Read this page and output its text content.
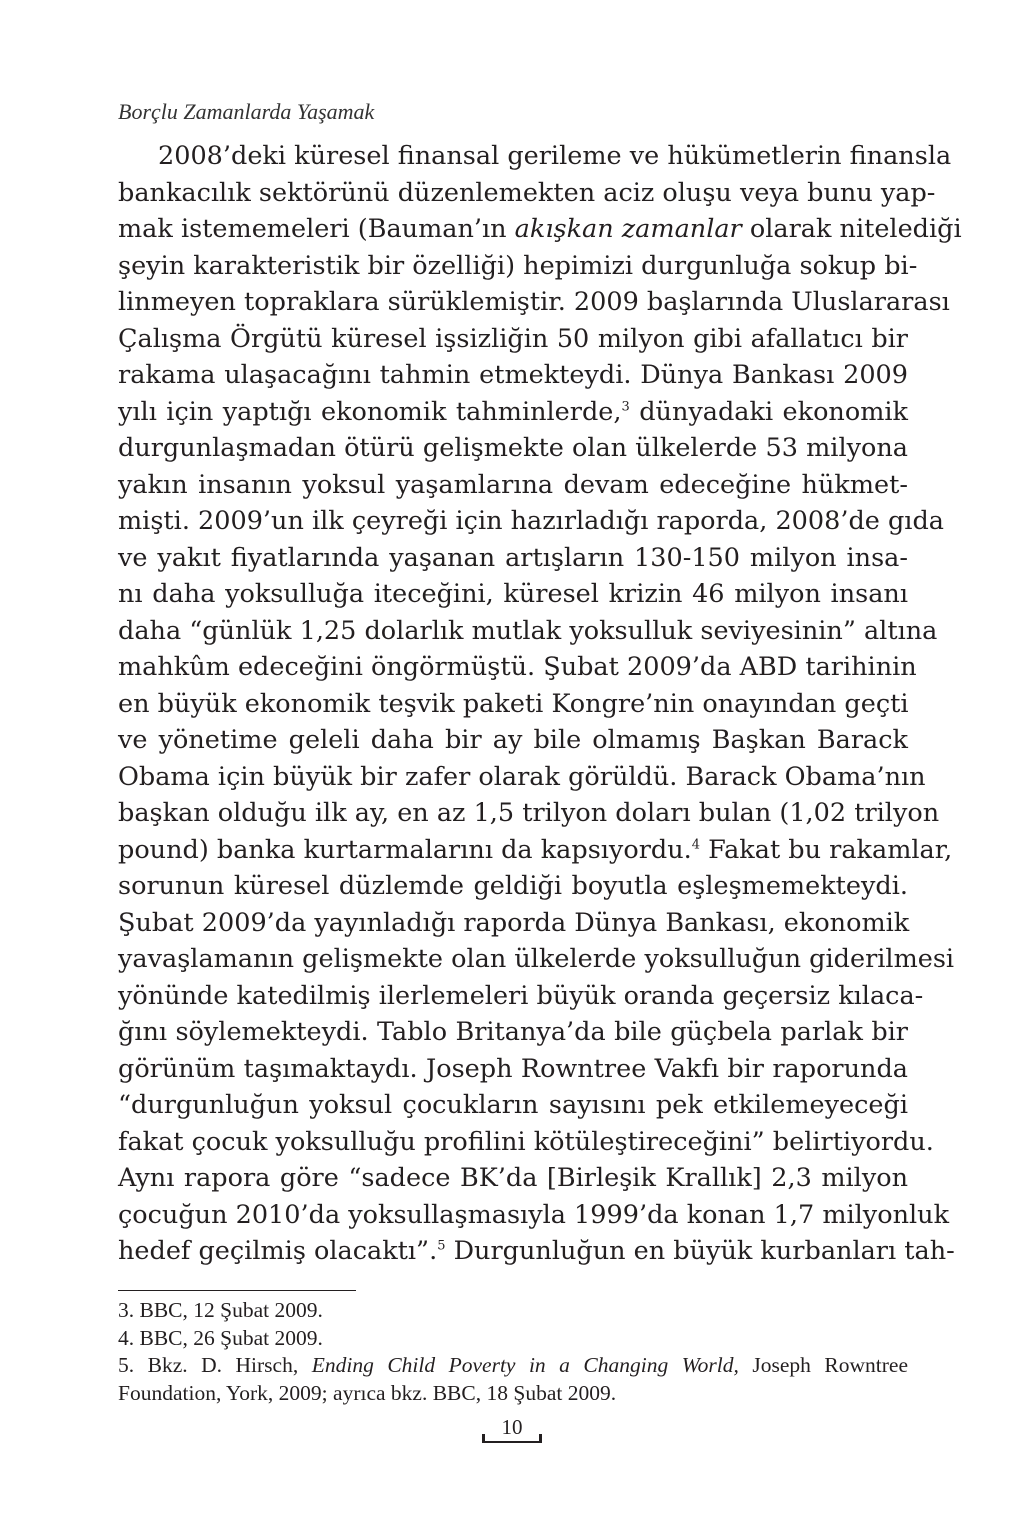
Borçlu Zamanlarda Yaşamak
2008’deki küresel finansal gerileme ve hükümetlerin finansla
bankacılık sektörünü düzenlemekten aciz oluşu veya bunu yap-
mak istememeleri (Bauman’ın akışkan zamanlar olarak nitelediği
şeyin karakteristik bir özelliği) hepimizi durgunluğa sokup bi-
linmeyen topraklara sürüklemiştir. 2009 başlarında Uluslararası
Çalışma Örgütü küresel işsizliğin 50 milyon gibi afallatıcı bir
rakama ulaşacağını tahmin etmekteydi. Dünya Bankası 2009
yılı için yaptığı ekonomik tahminlerde,$^3$ dünyadaki ekonomik
durgunlaşmadan ötürü gelişmekte olan ülkelerde 53 milyona
yakın insanın yoksul yaşamlarına devam edeceğine hükmet-
mişti. 2009’un ilk çeyreği için hazırladığı raporda, 2008’de gıda
ve yakıt fiyatlarında yaşanan artışların 130-150 milyon insa-
nı daha yoksulluğa iteceğini, küresel krizin 46 milyon insanı
daha “günlük 1,25 dolarlık mutlak yoksulluk seviyesinin” altına
mahkûm edeceğini öngörmüştü. Şubat 2009’da ABD tarihinin
en büyük ekonomik teşvik paketi Kongre’nin onayından geçti
ve yönetime geleli daha bir ay bile olmamış Başkan Barack
Obama için büyük bir zafer olarak görüldü. Barack Obama’nın
başkan olduğu ilk ay, en az 1,5 trilyon doları bulan (1,02 trilyon
pound) banka kurtarmalarını da kapsıyordu.$^4$ Fakat bu rakamlar,
sorunun küresel düzlemde geldiği boyutla eşleşmemekteydi.
Şubat 2009’da yayınladığı raporda Dünya Bankası, ekonomik
yavaşlamanın gelişmekte olan ülkelerde yoksulluğun giderilmesi
yönünde katedilmiş ilerlemeleri büyük oranda geçersiz kılaca-
ğını söylemekteydi. Tablo Britanya’da bile güçbela parlak bir
görünüm taşımaktaydı. Joseph Rowntree Vakfı bir raporunda
“durgunluğun yoksul çocukların sayısını pek etkilemeyeceği
fakat çocuk yoksulluğu profilini kötüleştireceğini” belirtiyordu.
Aynı rapora göre “sadece BK’da [Birleşik Krallık] 2,3 milyon
çocuğun 2010’da yoksullaşmasıyla 1999’da konan 1,7 milyonluk
hedef geçilmiş olacaktı”.$^5$ Durgunluğun en büyük kurbanları tah-
3. BBC, 12 Şubat 2009.
4. BBC, 26 Şubat 2009.
5. Bkz. D. Hirsch, Ending Child Poverty in a Changing World, Joseph Rowntree
Foundation, York, 2009; ayrıca bkz. BBC, 18 Şubat 2009.
10
